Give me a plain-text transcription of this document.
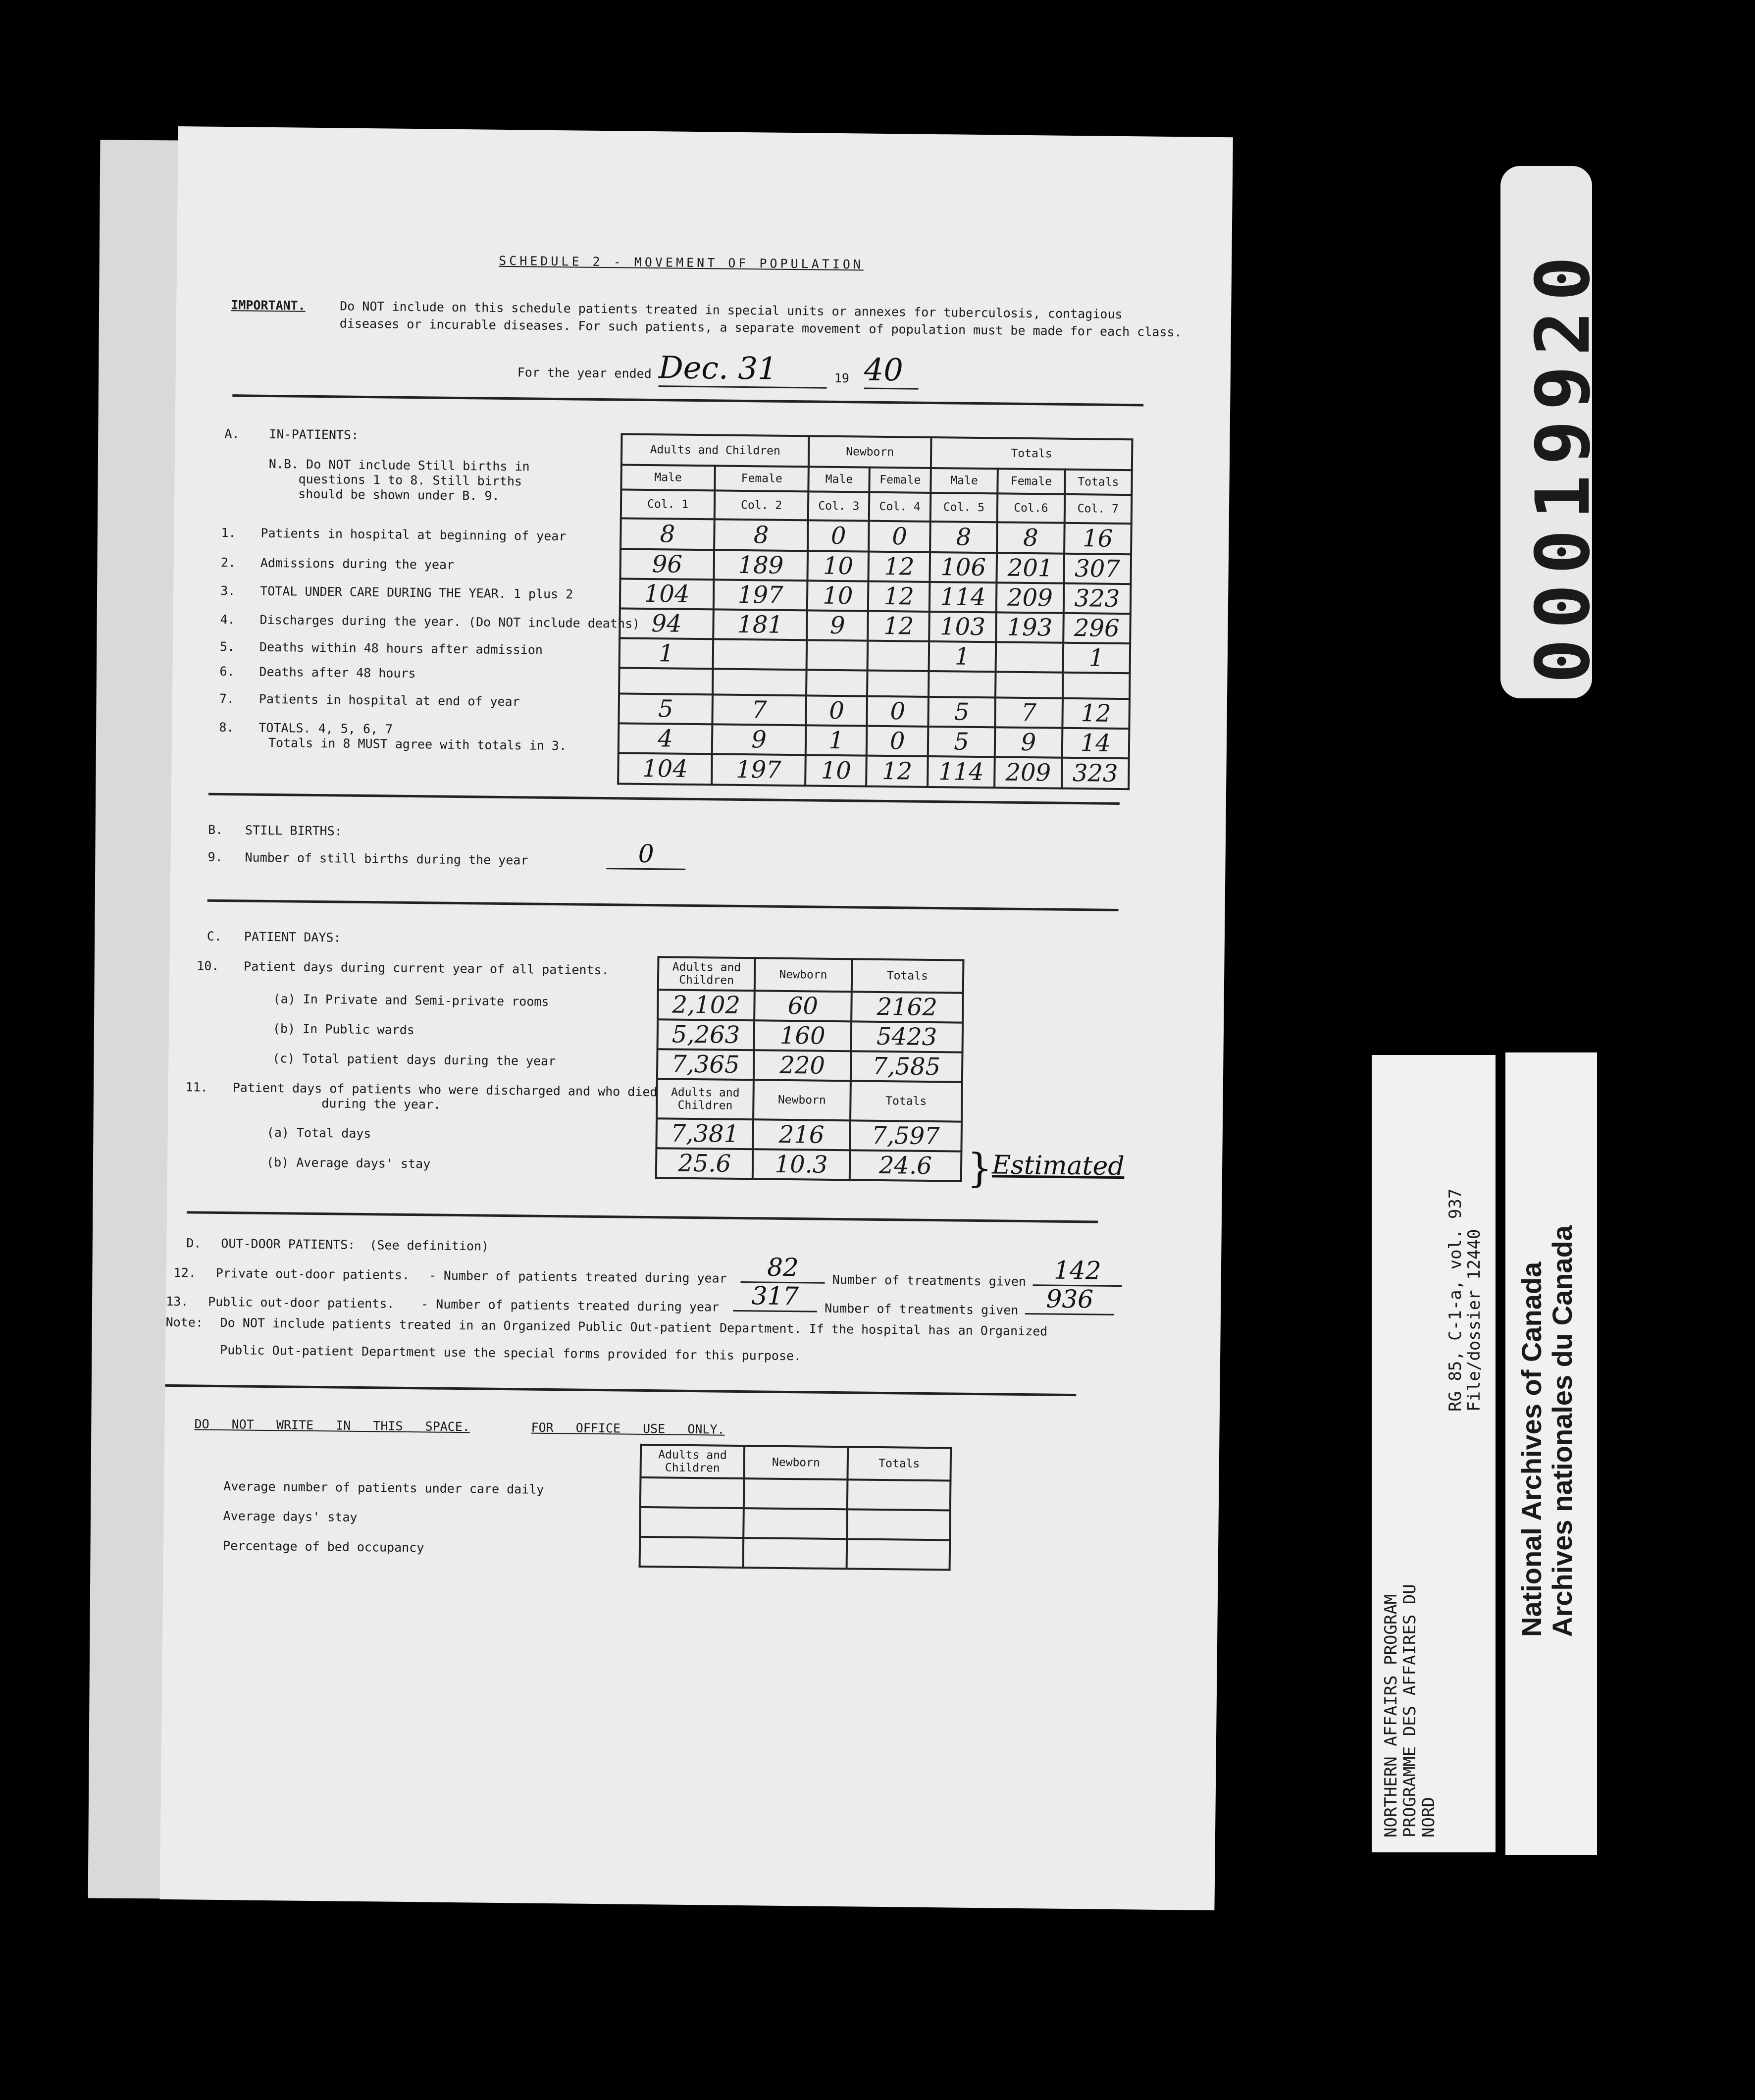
SCHEDULE 2 - MOVEMENT OF POPULATION
IMPORTANT.	Do NOT include on this schedule patients treated in special units or annexes for tuberculosis, contagious
diseases or incurable diseases. For such patients, a separate movement of population must be made for each class.
For the year ended Dec. 31	19 40
A. IN-PATIENTS:
N.B. Do NOT include Still births in
questions 1 to 8. Still births
should be shown under B. 9.
1. Patients in hospital at beginning of year
2. Admissions during the year
3. TOTAL UNDER CARE DURING THE YEAR. 1 plus 2
4. Discharges during the year. (Do NOT include deaths)
5. Deaths within 48 hours after admission
6. Deaths after 48 hours
7. Patients in hospital at end of year
8. TOTALS. 4, 5, 6, 7
Totals in 8 MUST agree with totals in 3.
Adults and Children		Newborn		Totals		
Male	Female	Male	Female	Male	Female	Totals
Col. 1	Col. 2	Col. 3	Col. 4	Col. 5	Col.6	Col. 7
8	8	0	0	8	8	16
96	189	10	12	106	201	307
104	197	10	12	114	209	323
94	181	9	12	103	193	296
1				1		1

5	7	0	0	5	7	12
4	9	1	0	5	9	14
104	197	10	12	114	209	323
B. STILL BIRTHS:
9. Number of still births during the year	0
C. PATIENT DAYS:
10. Patient days during current year of all patients.
(a) In Private and Semi-private rooms
(b) In Public wards
(c) Total patient days during the year
11. Patient days of patients who were discharged and who died
during the year.
(a) Total days
(b) Average days' stay
Adults and Children	Newborn	Totals
2,102	60	2162
5,263	160	5423
7,365	220	7,585
Adults and Children	Newborn	Totals
7,381	216	7,597
25.6	10.3	24.6 }
Estimated
D. OUT-DOOR PATIENTS: (See definition)
12. Private out-door patients. - Number of patients treated during year	82	Number of treatments given	142
13. Public out-door patients. - Number of patients treated during year	317	Number of treatments given	936
Note: Do NOT include patients treated in an Organized Public Out-patient Department. If the hospital has an Organized
Public Out-patient Department use the special forms provided for this purpose.
DO NOT WRITE IN THIS SPACE.	FOR OFFICE USE ONLY.
Average number of patients under care daily
Average days' stay
Percentage of bed occupancy
Adults and Children	Newborn	Totals

00019920
NORTHERN AFFAIRS PROGRAM
PROGRAMME DES AFFAIRES DU
NORD
RG 85, C-1-a, vol. 937
File/dossier 12440 National Archives of Canada Archives nationales du Canada
